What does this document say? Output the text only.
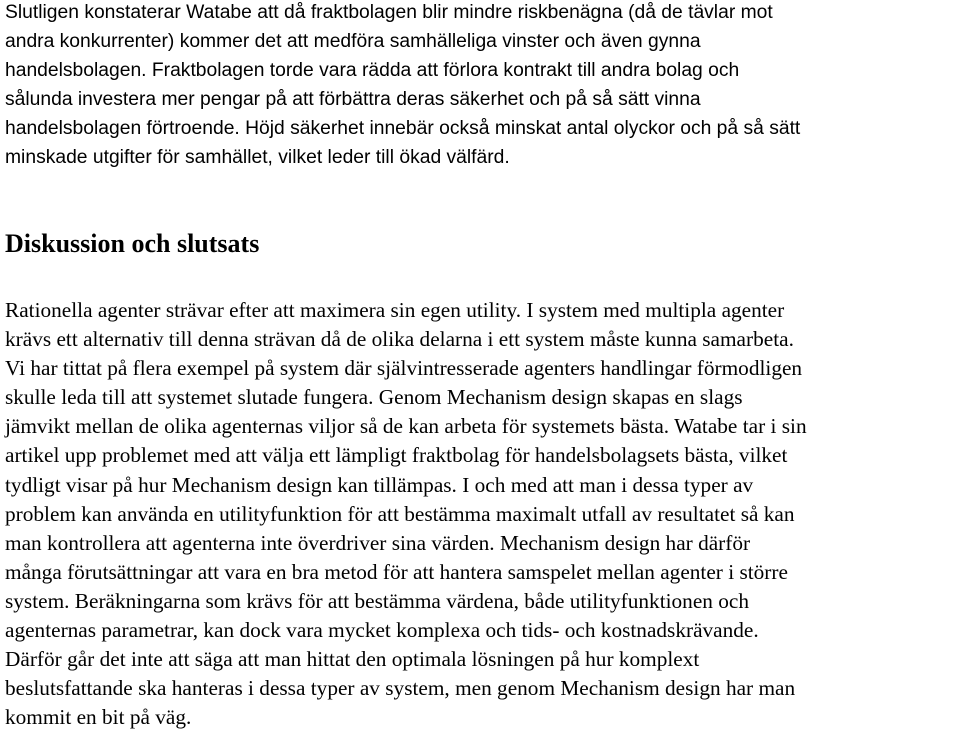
Slutligen konstaterar Watabe att då fraktbolagen blir mindre riskbenägna (då de tävlar mot
andra konkurrenter) kommer det att medföra samhälleliga vinster och även gynna
handelsbolagen. Fraktbolagen torde vara rädda att förlora kontrakt till andra bolag och
sålunda investera mer pengar på att förbättra deras säkerhet och på så sätt vinna
handelsbolagen förtroende. Höjd säkerhet innebär också minskat antal olyckor och på så sätt
minskade utgifter för samhället, vilket leder till ökad välfärd.

Diskussion och slutsats

Rationella agenter strävar efter att maximera sin egen utility. I system med multipla agenter
krävs ett alternativ till denna strävan då de olika delarna i ett system måste kunna samarbeta.
Vi har tittat på flera exempel på system där självintresserade agenters handlingar förmodligen
skulle leda till att systemet slutade fungera. Genom Mechanism design skapas en slags
jämvikt mellan de olika agenternas viljor så de kan arbeta för systemets bästa. Watabe tar i sin
artikel upp problemet med att välja ett lämpligt fraktbolag för handelsbolagsets bästa, vilket
tydligt visar på hur Mechanism design kan tillämpas. I och med att man i dessa typer av
problem kan använda en utilityfunktion för att bestämma maximalt utfall av resultatet så kan
man kontrollera att agenterna inte överdriver sina värden. Mechanism design har därför
många förutsättningar att vara en bra metod för att hantera samspelet mellan agenter i större
system. Beräkningarna som krävs för att bestämma värdena, både utilityfunktionen och
agenternas parametrar, kan dock vara mycket komplexa och tids- och kostnadskrävande.
Därför går det inte att säga att man hittat den optimala lösningen på hur komplext
beslutsfattande ska hanteras i dessa typer av system, men genom Mechanism design har man
kommit en bit på väg.
